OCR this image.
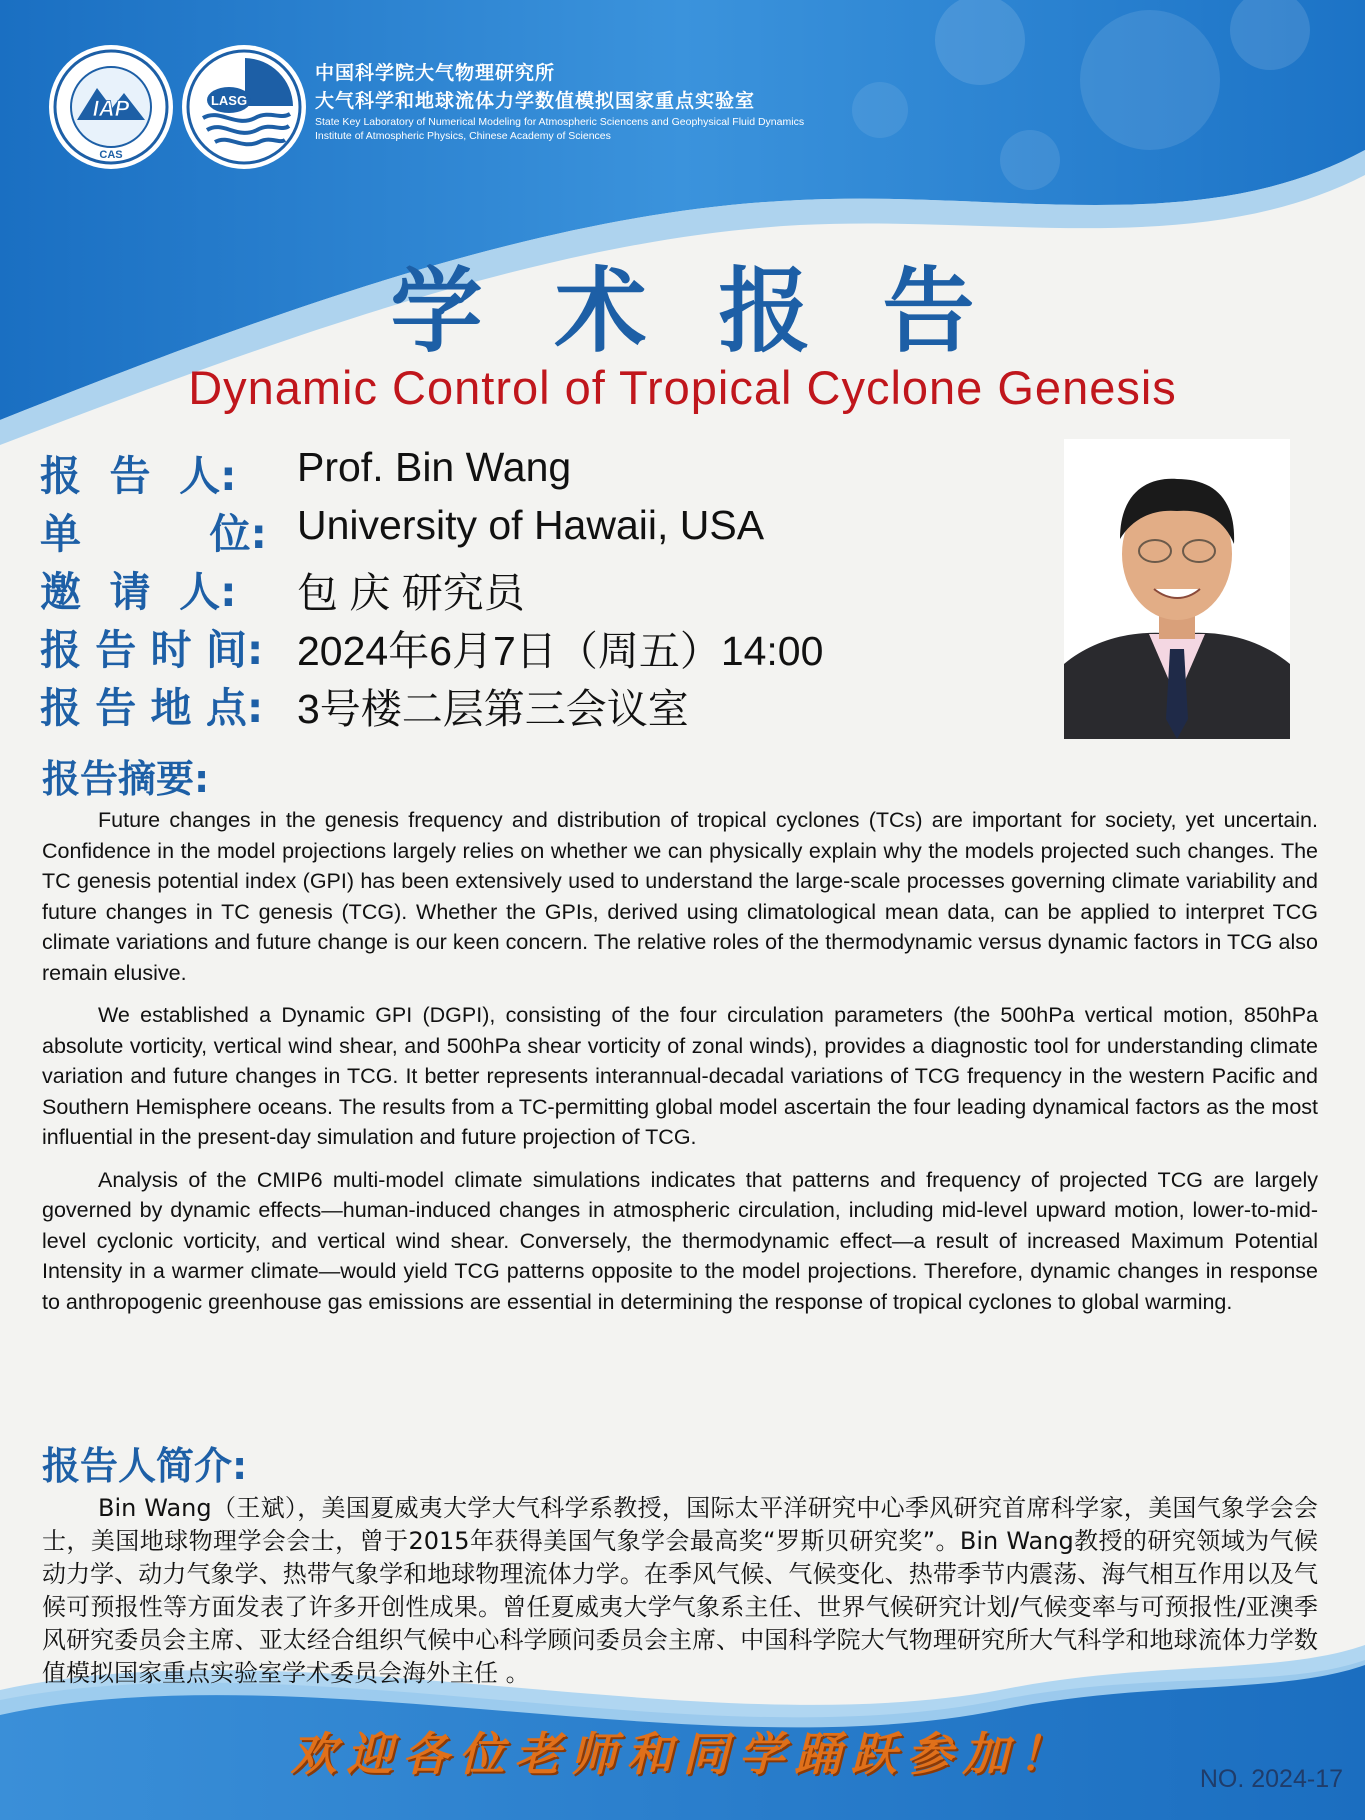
IAP
CAS
LASG
中国科学院大气物理研究所
大气科学和地球流体力学数值模拟国家重点实验室
State Key Laboratory of Numerical Modeling for Atmospheric Sciencens and Geophysical Fluid Dynamics
Institute of Atmospheric Physics, Chinese Academy of Sciences
学术报告
Dynamic Control of Tropical Cyclone Genesis
报  告  人: Prof. Bin Wang
单         位: University of Hawaii, USA
邀  请  人: 包 庆 研究员
报 告 时 间: 2024年6月7日（周五）14:00
报 告 地 点: 3号楼二层第三会议室
报告摘要:

Future changes in the genesis frequency and distribution of tropical cyclones (TCs) are important for society, yet uncertain. Confidence in the model projections largely relies on whether we can physically explain why the models projected such changes. The TC genesis potential index (GPI) has been extensively used to understand the large-scale processes governing climate variability and future changes in TC genesis (TCG). Whether the GPIs, derived using climatological mean data, can be applied to interpret TCG climate variations and future change is our keen concern. The relative roles of the thermodynamic versus dynamic factors in TCG also remain elusive.

We established a Dynamic GPI (DGPI), consisting of the four circulation parameters (the 500hPa vertical motion, 850hPa absolute vorticity, vertical wind shear, and 500hPa shear vorticity of zonal winds), provides a diagnostic tool for understanding climate variation and future changes in TCG. It better represents interannual-decadal variations of TCG frequency in the western Pacific and Southern Hemisphere oceans. The results from a TC-permitting global model ascertain the four leading dynamical factors as the most influential in the present-day simulation and future projection of TCG.

Analysis of the CMIP6 multi-model climate simulations indicates that patterns and frequency of projected TCG are largely governed by dynamic effects—human-induced changes in atmospheric circulation, including mid-level upward motion, lower-to-mid-level cyclonic vorticity, and vertical wind shear. Conversely, the thermodynamic effect—a result of increased Maximum Potential Intensity in a warmer climate—would yield TCG patterns opposite to the model projections. Therefore, dynamic changes in response to anthropogenic greenhouse gas emissions are essential in determining the response of tropical cyclones to global warming.

报告人简介:
Bin Wang（王斌），美国夏威夷大学大气科学系教授，国际太平洋研究中心季风研究首席科学家，美国气象学会会士，美国地球物理学会会士，曾于2015年获得美国气象学会最高奖“罗斯贝研究奖”。Bin Wang教授的研究领域为气候动力学、动力气象学、热带气象学和地球物理流体力学。在季风气候、气候变化、热带季节内震荡、海气相互作用以及气候可预报性等方面发表了许多开创性成果。曾任夏威夷大学气象系主任、世界气候研究计划/气候变率与可预报性/亚澳季风研究委员会主席、亚太经合组织气候中心科学顾问委员会主席、中国科学院大气物理研究所大气科学和地球流体力学数值模拟国家重点实验室学术委员会海外主任 。
欢迎各位老师和同学踊跃参加！	NO. 2024-17
